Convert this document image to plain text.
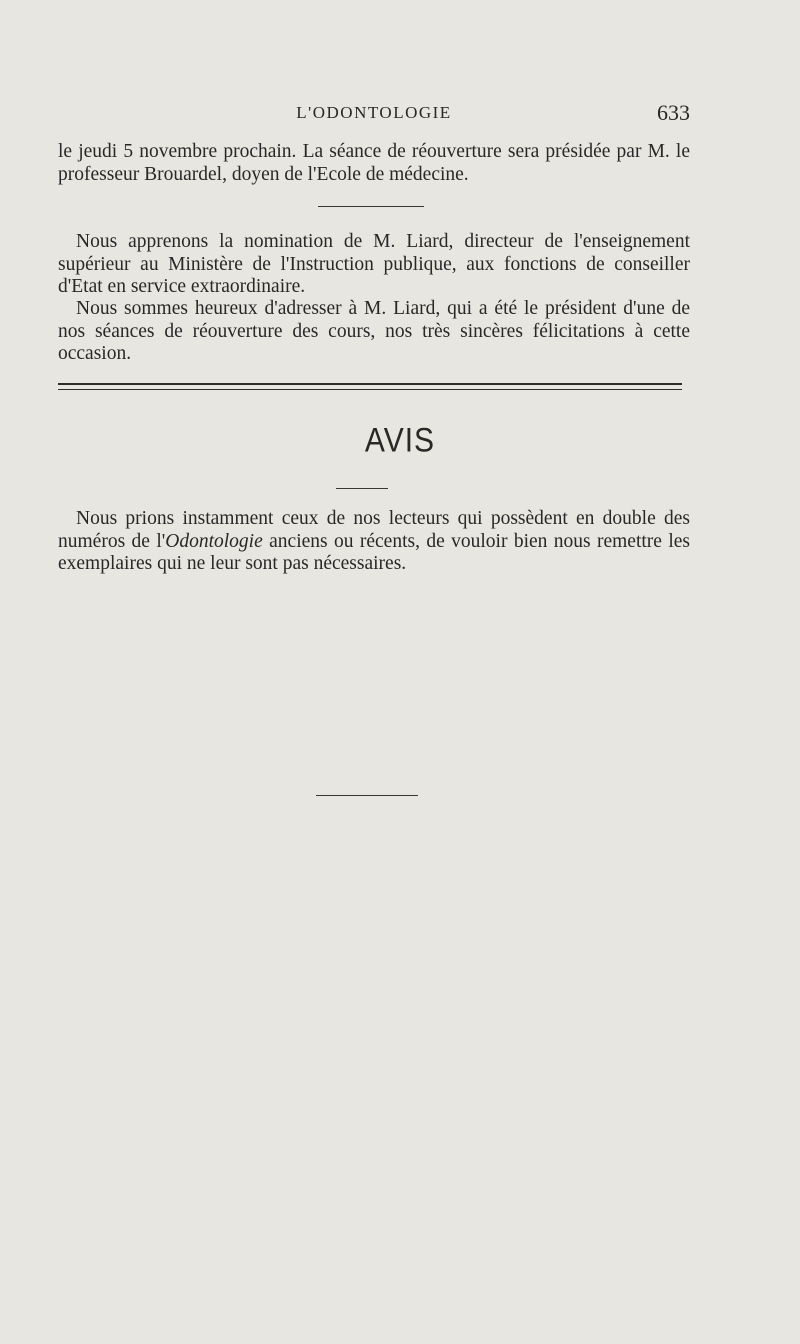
L'ODONTOLOGIE	633

le jeudi 5 novembre prochain. La séance de réouverture sera présidée par M. le professeur Brouardel, doyen de l'Ecole de médecine.

Nous apprenons la nomination de M. Liard, directeur de l'enseignement supérieur au Ministère de l'Instruction publique, aux fonctions de conseiller d'Etat en service extraordinaire.

Nous sommes heureux d'adresser à M. Liard, qui a été le président d'une de nos séances de réouverture des cours, nos très sincères félicitations à cette occasion.

AVIS

Nous prions instamment ceux de nos lecteurs qui possèdent en double des numéros de l'Odontologie anciens ou récents, de vouloir bien nous remettre les exemplaires qui ne leur sont pas nécessaires.
